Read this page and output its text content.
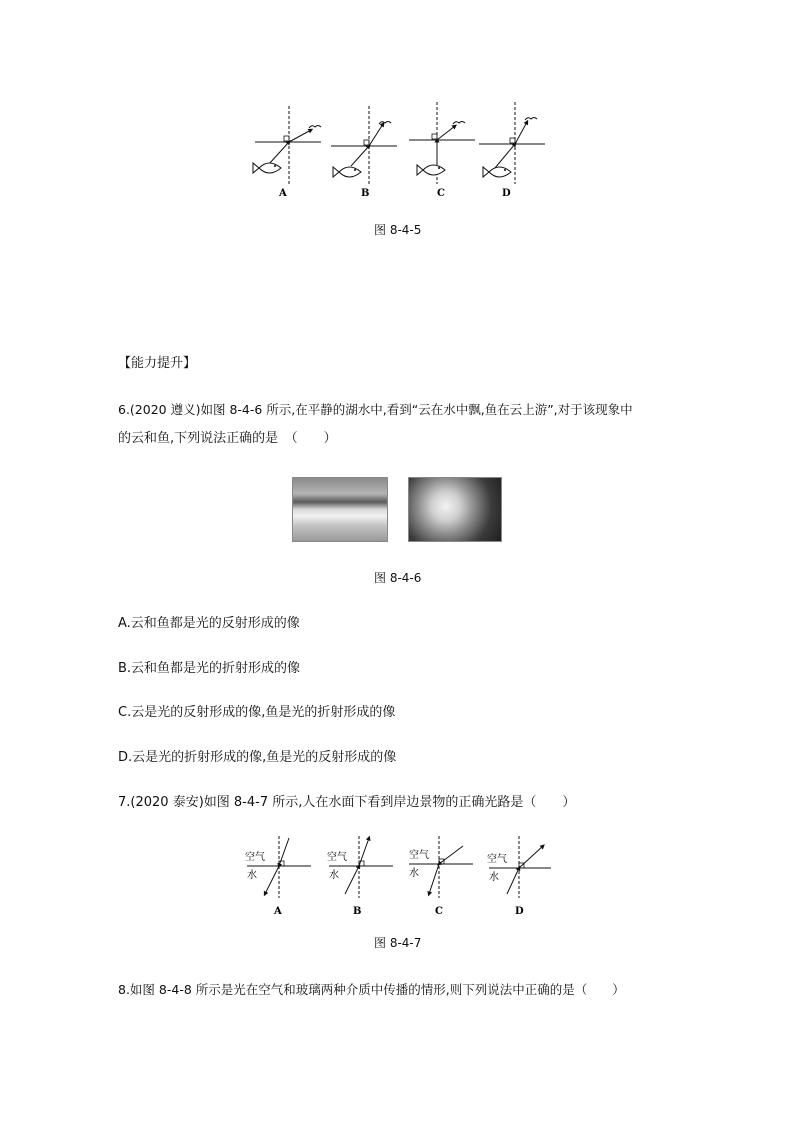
A	B	C	D
图 8-4-5
【能力提升】
6.(2020 遵义)如图 8-4-6 所示,在平静的湖水中,看到“云在水中飘,鱼在云上游”,对于该现象中
的云和鱼,下列说法正确的是　（　　）
图 8-4-6
A.云和鱼都是光的反射形成的像
B.云和鱼都是光的折射形成的像
C.云是光的反射形成的像,鱼是光的折射形成的像
D.云是光的折射形成的像,鱼是光的反射形成的像
7.(2020 泰安)如图 8-4-7 所示,人在水面下看到岸边景物的正确光路是（　　）
空气
水
空气
水
空气
水
空气
水
A	B	C	D
图 8-4-7
8.如图 8-4-8 所示是光在空气和玻璃两种介质中传播的情形,则下列说法中正确的是（　　）
